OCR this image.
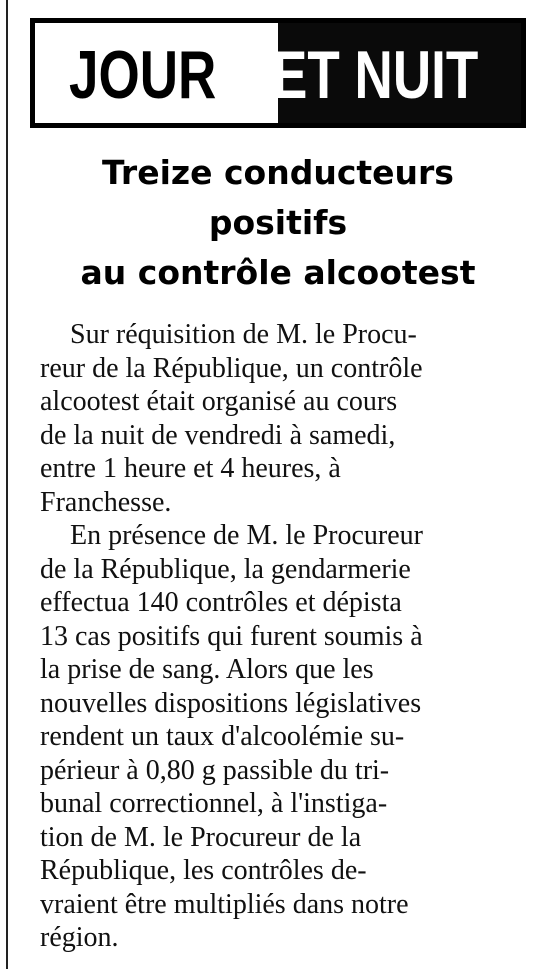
JOUR ET NUIT
Treize conducteurs
positifs
au contrôle alcootest

Sur réquisition de M. le Procu-
reur de la République, un contrôle
alcootest était organisé au cours
de la nuit de vendredi à samedi,
entre 1 heure et 4 heures, à
Franchesse.

En présence de M. le Procureur
de la République, la gendarmerie
effectua 140 contrôles et dépista
13 cas positifs qui furent soumis à
la prise de sang. Alors que les
nouvelles dispositions législatives
rendent un taux d'alcoolémie su-
périeur à 0,80 g passible du tri-
bunal correctionnel, à l'instiga-
tion de M. le Procureur de la
République, les contrôles de-
vraient être multipliés dans notre
région.
